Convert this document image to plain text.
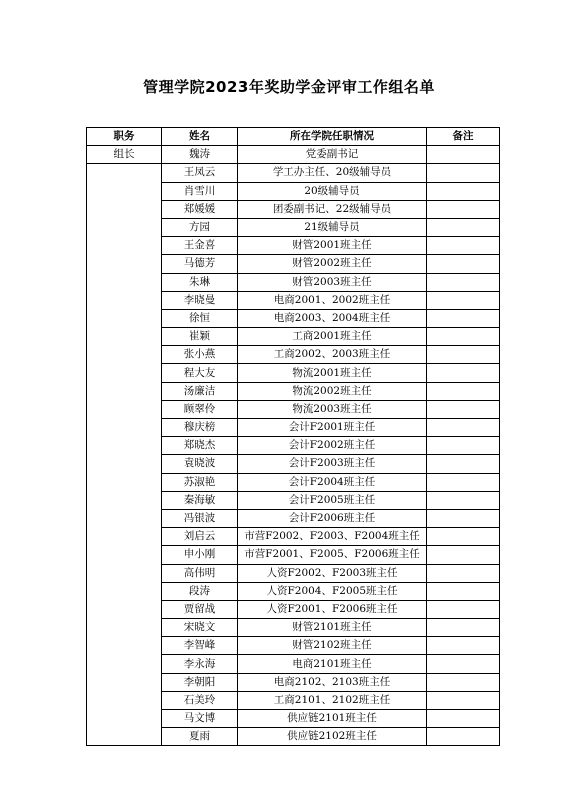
管理学院2023年奖助学金评审工作组名单
职务	姓名	所在学院任职情况	备注
组长	魏涛	党委副书记	
	王凤云	学工办主任、20级辅导员	
	肖雪川	20级辅导员	
	郑媛媛	团委副书记、22级辅导员	
	方园	21级辅导员	
	王金喜	财管2001班主任	
	马德芳	财管2002班主任	
	朱琳	财管2003班主任	
	李晓曼	电商2001、2002班主任	
	徐恒	电商2003、2004班主任	
	崔颖	工商2001班主任	
	张小燕	工商2002、2003班主任	
	程大友	物流2001班主任	
	汤廉洁	物流2002班主任	
	顾翠伶	物流2003班主任	
	穆庆榜	会计F2001班主任	
	郑晓杰	会计F2002班主任	
	袁晓波	会计F2003班主任	
	苏淑艳	会计F2004班主任	
	秦海敏	会计F2005班主任	
	冯银波	会计F2006班主任	
	刘启云	市营F2002、F2003、F2004班主任	
	申小刚	市营F2001、F2005、F2006班主任	
	高伟明	人资F2002、F2003班主任	
	段涛	人资F2004、F2005班主任	
	贾留战	人资F2001、F2006班主任	
	宋晓文	财管2101班主任	
	李智峰	财管2102班主任	
	李永海	电商2101班主任	
	李朝阳	电商2102、2103班主任	
	石美玲	工商2101、2102班主任	
	马文博	供应链2101班主任	
	夏雨	供应链2102班主任	
